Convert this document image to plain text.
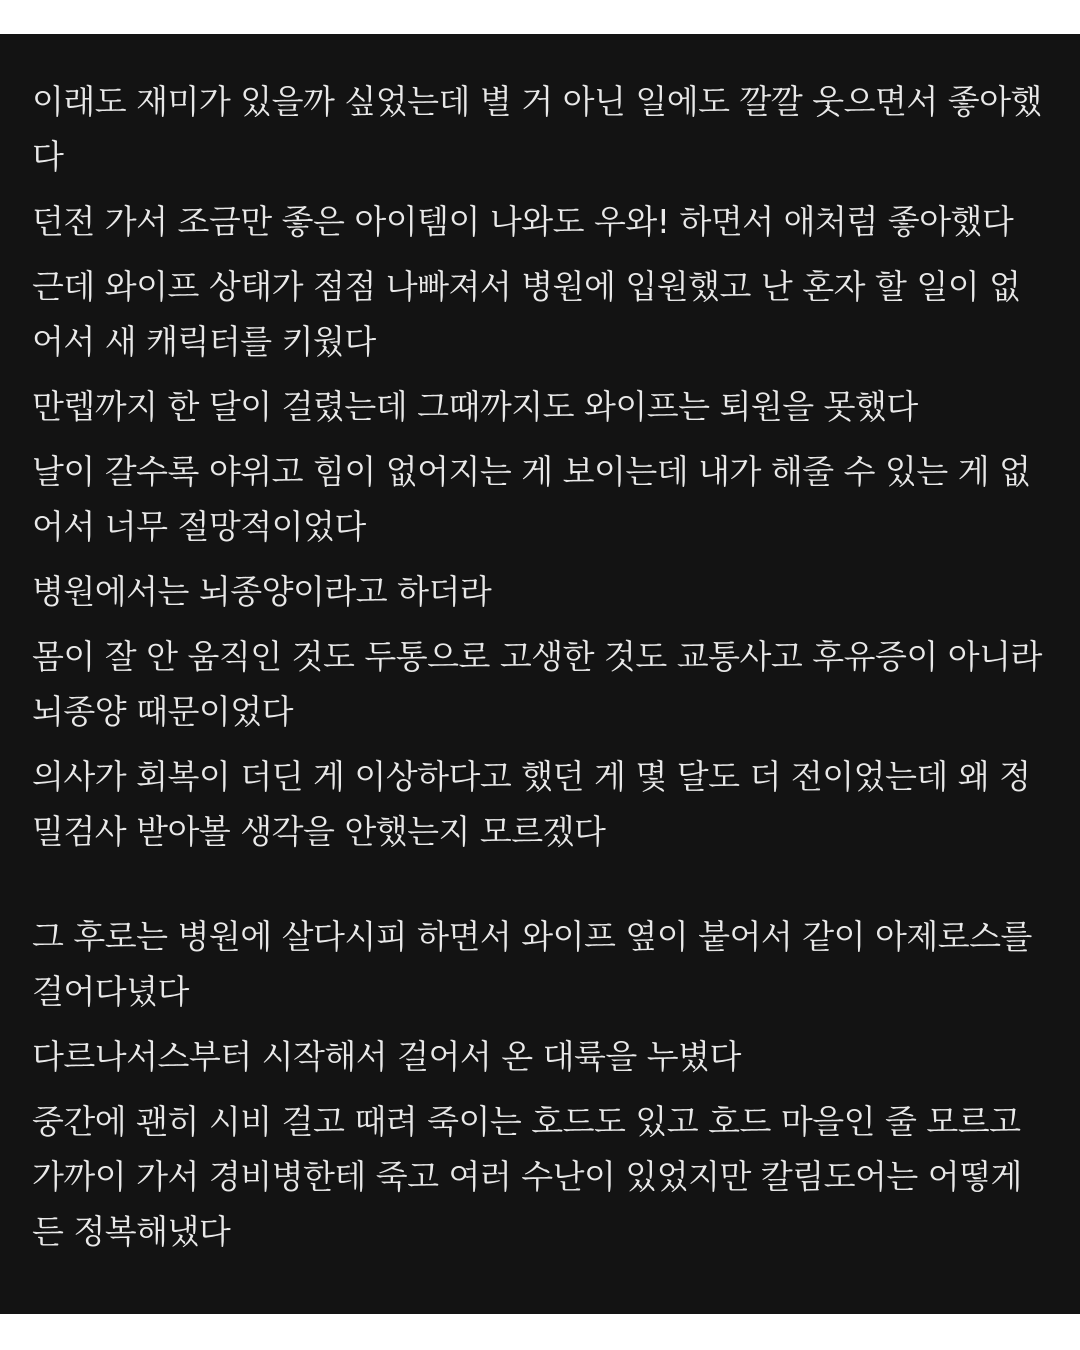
이래도 재미가 있을까 싶었는데 별 거 아닌 일에도 깔깔 웃으면서 좋아했
다

던전 가서 조금만 좋은 아이템이 나와도 우와! 하면서 애처럼 좋아했다

근데 와이프 상태가 점점 나빠져서 병원에 입원했고 난 혼자 할 일이 없
어서 새 캐릭터를 키웠다

만렙까지 한 달이 걸렸는데 그때까지도 와이프는 퇴원을 못했다

날이 갈수록 야위고 힘이 없어지는 게 보이는데 내가 해줄 수 있는 게 없
어서 너무 절망적이었다

병원에서는 뇌종양이라고 하더라

몸이 잘 안 움직인 것도 두통으로 고생한 것도 교통사고 후유증이 아니라
뇌종양 때문이었다

의사가 회복이 더딘 게 이상하다고 했던 게 몇 달도 더 전이었는데 왜 정
밀검사 받아볼 생각을 안했는지 모르겠다

그 후로는 병원에 살다시피 하면서 와이프 옆이 붙어서 같이 아제로스를
걸어다녔다

다르나서스부터 시작해서 걸어서 온 대륙을 누볐다

중간에 괜히 시비 걸고 때려 죽이는 호드도 있고 호드 마을인 줄 모르고
가까이 가서 경비병한테 죽고 여러 수난이 있었지만 칼림도어는 어떻게
든 정복해냈다
